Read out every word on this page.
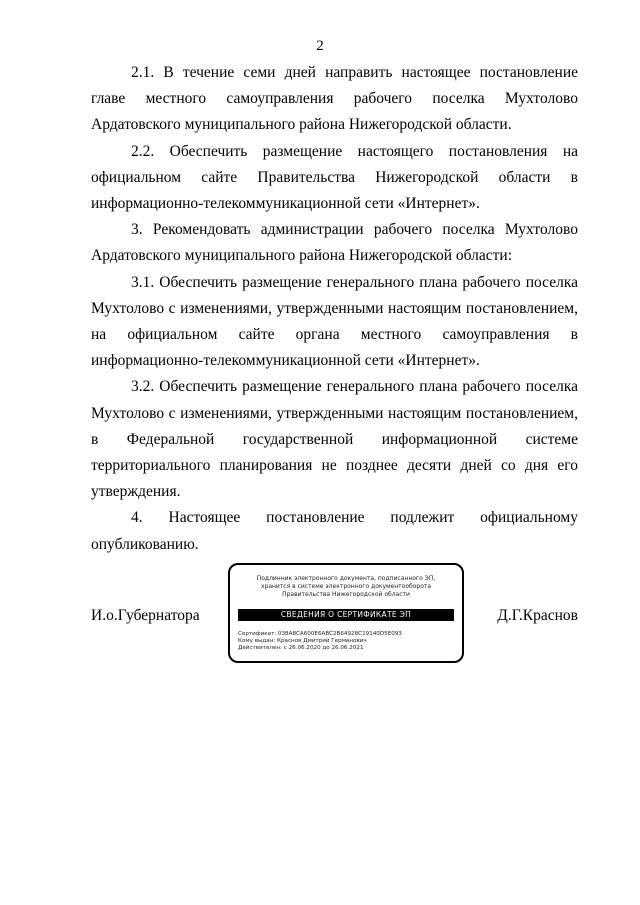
2

2.1. В течение семи дней направить настоящее постановление главе местного самоуправления рабочего поселка Мухтолово Ардатовского муниципального района Нижегородской области.

2.2. Обеспечить размещение настоящего постановления на официальном сайте Правительства Нижегородской области в информационно-телекоммуникационной сети «Интернет».

3. Рекомендовать администрации рабочего поселка Мухтолово Ардатовского муниципального района Нижегородской области:

3.1. Обеспечить размещение генерального плана рабочего поселка Мухтолово с изменениями, утвержденными настоящим постановлением, на официальном сайте органа местного самоуправления в информационно-телекоммуникационной сети «Интернет».

3.2. Обеспечить размещение генерального плана рабочего поселка Мухтолово с изменениями, утвержденными настоящим постановлением, в Федеральной государственной информационной системе территориального планирования не позднее десяти дней со дня его утверждения.

4. Настоящее постановление подлежит официальному опубликованию.

И.о.Губернатора	Д.Г.Краснов
Подлинник электронного документа, подписанного ЭП,
хранится в системе электронного документооборота
Правительства Нижегородской области
СВЕДЕНИЯ О СЕРТИФИКАТЕ ЭП
Сертификат: 038A8CA600E6ABC2B64928C19140D5E093
Кому выдан: Краснов Дмитрий Германович
Действителен: с 26.06.2020 до 26.06.2021
